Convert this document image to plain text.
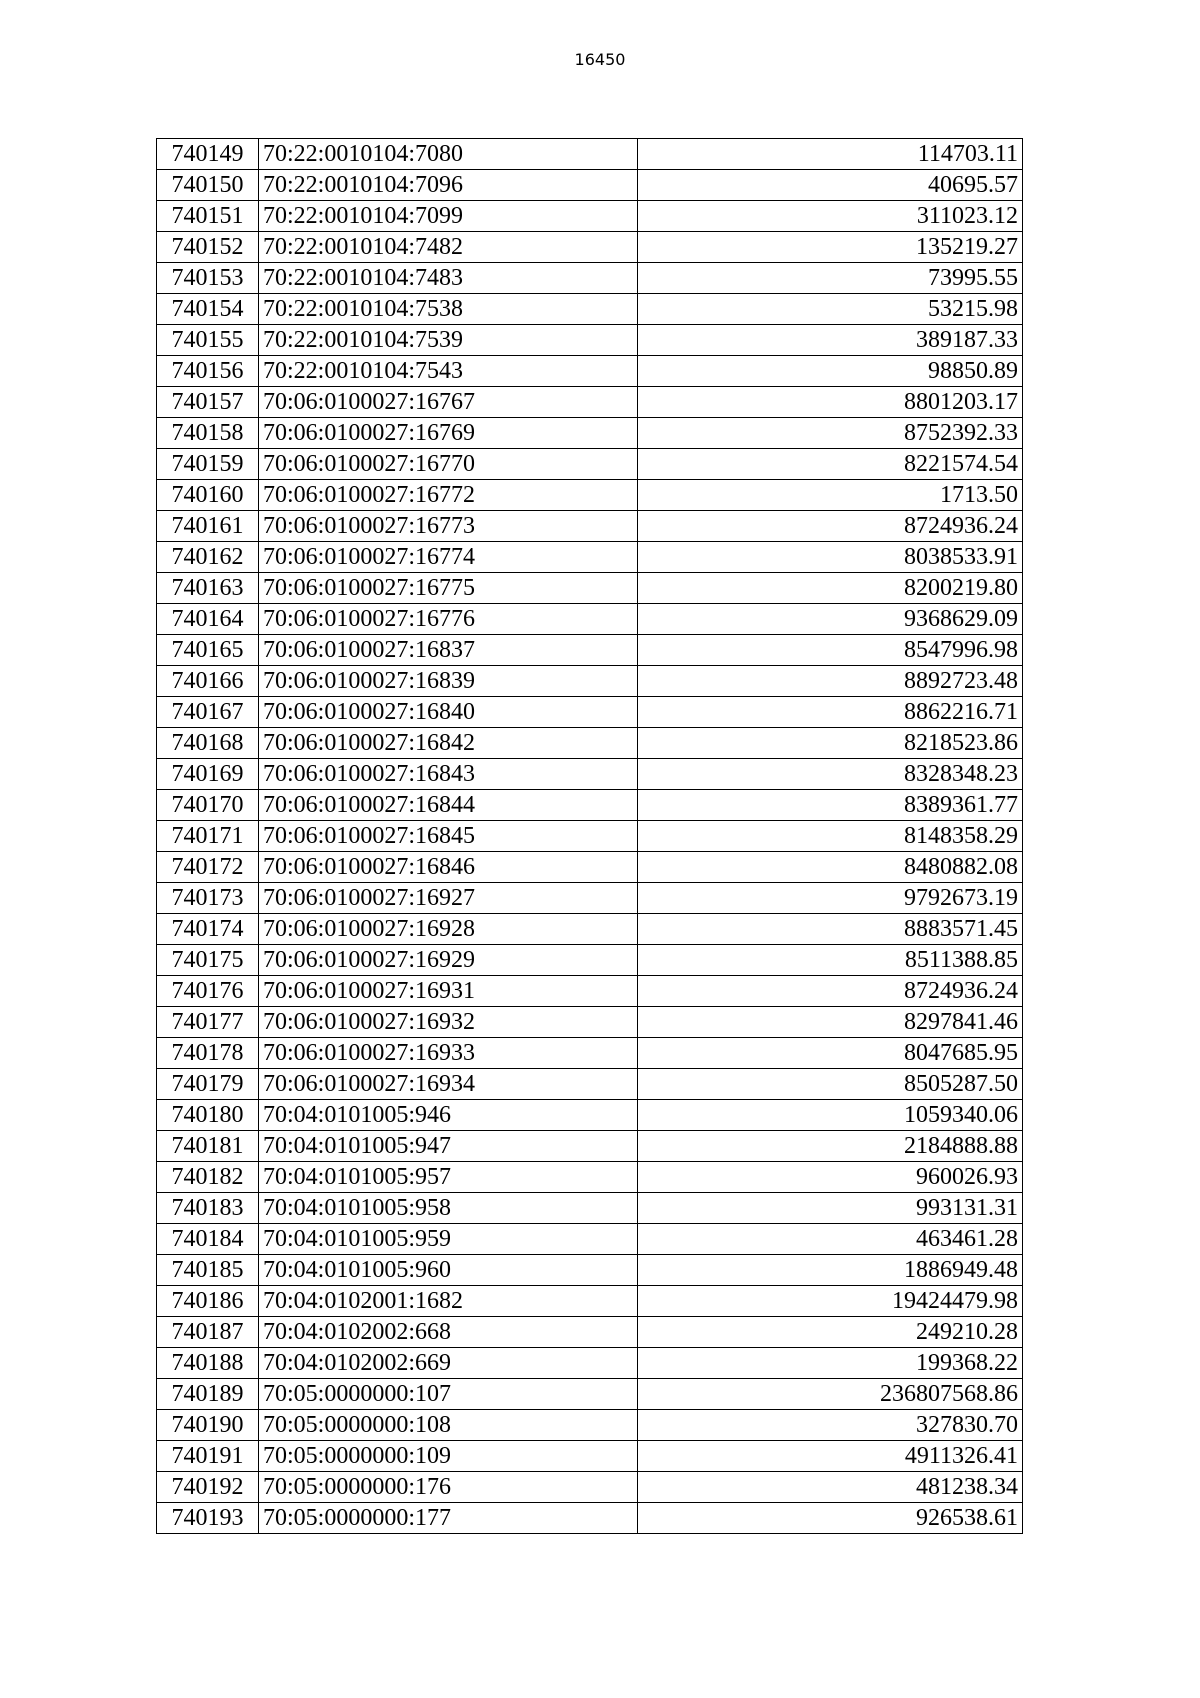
16450
740149	70:22:0010104:7080	114703.11
740150	70:22:0010104:7096	40695.57
740151	70:22:0010104:7099	311023.12
740152	70:22:0010104:7482	135219.27
740153	70:22:0010104:7483	73995.55
740154	70:22:0010104:7538	53215.98
740155	70:22:0010104:7539	389187.33
740156	70:22:0010104:7543	98850.89
740157	70:06:0100027:16767	8801203.17
740158	70:06:0100027:16769	8752392.33
740159	70:06:0100027:16770	8221574.54
740160	70:06:0100027:16772	1713.50
740161	70:06:0100027:16773	8724936.24
740162	70:06:0100027:16774	8038533.91
740163	70:06:0100027:16775	8200219.80
740164	70:06:0100027:16776	9368629.09
740165	70:06:0100027:16837	8547996.98
740166	70:06:0100027:16839	8892723.48
740167	70:06:0100027:16840	8862216.71
740168	70:06:0100027:16842	8218523.86
740169	70:06:0100027:16843	8328348.23
740170	70:06:0100027:16844	8389361.77
740171	70:06:0100027:16845	8148358.29
740172	70:06:0100027:16846	8480882.08
740173	70:06:0100027:16927	9792673.19
740174	70:06:0100027:16928	8883571.45
740175	70:06:0100027:16929	8511388.85
740176	70:06:0100027:16931	8724936.24
740177	70:06:0100027:16932	8297841.46
740178	70:06:0100027:16933	8047685.95
740179	70:06:0100027:16934	8505287.50
740180	70:04:0101005:946	1059340.06
740181	70:04:0101005:947	2184888.88
740182	70:04:0101005:957	960026.93
740183	70:04:0101005:958	993131.31
740184	70:04:0101005:959	463461.28
740185	70:04:0101005:960	1886949.48
740186	70:04:0102001:1682	19424479.98
740187	70:04:0102002:668	249210.28
740188	70:04:0102002:669	199368.22
740189	70:05:0000000:107	236807568.86
740190	70:05:0000000:108	327830.70
740191	70:05:0000000:109	4911326.41
740192	70:05:0000000:176	481238.34
740193	70:05:0000000:177	926538.61
